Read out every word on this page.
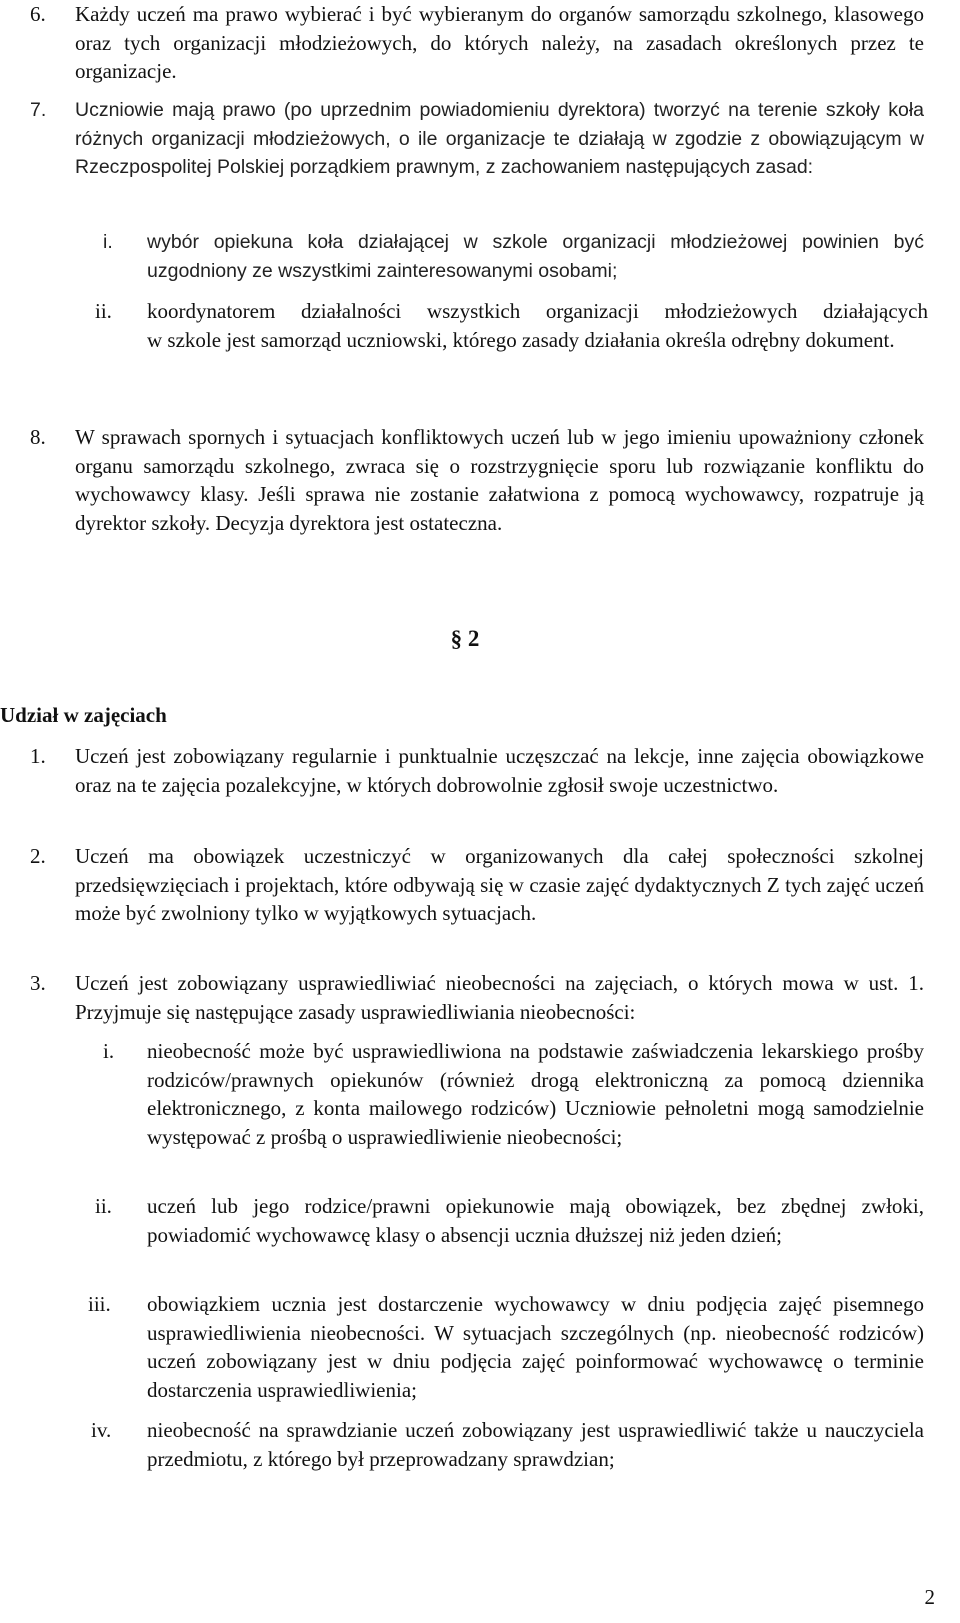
6.	Każdy uczeń ma prawo wybierać i być wybieranym do organów samorządu szkolnego, klasowego oraz tych organizacji młodzieżowych, do których należy, na zasadach określonych przez te organizacje.
7.	Uczniowie mają prawo (po uprzednim powiadomieniu dyrektora) tworzyć na terenie szkoły koła różnych organizacji młodzieżowych, o ile organizacje te działają w zgodzie z obowiązującym w Rzeczpospolitej Polskiej porządkiem prawnym, z zachowaniem następujących zasad:
i.	wybór opiekuna koła działającej w szkole organizacji młodzieżowej powinien być uzgodniony ze wszystkimi zainteresowanymi osobami;
ii.	koordynatorem działalności wszystkich organizacji młodzieżowych działających
w szkole jest samorząd uczniowski, którego zasady działania określa odrębny dokument.
8.	W sprawach spornych i sytuacjach konfliktowych uczeń lub w jego imieniu upoważniony członek organu samorządu szkolnego, zwraca się o rozstrzygnięcie sporu lub rozwiązanie konfliktu do wychowawcy klasy. Jeśli sprawa nie zostanie załatwiona z pomocą wychowawcy, rozpatruje ją dyrektor szkoły. Decyzja dyrektora jest ostateczna.
§ 2
Udział w zajęciach
1.	Uczeń jest zobowiązany regularnie i punktualnie uczęszczać na lekcje, inne zajęcia obowiązkowe oraz na te zajęcia pozalekcyjne, w których dobrowolnie zgłosił swoje uczestnictwo.
2.	Uczeń ma obowiązek uczestniczyć w organizowanych dla całej społeczności szkolnej przedsięwzięciach i projektach, które odbywają się w czasie zajęć dydaktycznych Z tych zajęć uczeń może być zwolniony tylko w wyjątkowych sytuacjach.
3.	Uczeń jest zobowiązany usprawiedliwiać nieobecności na zajęciach, o których mowa w ust. 1. Przyjmuje się następujące zasady usprawiedliwiania nieobecności:
i.	nieobecność może być usprawiedliwiona na podstawie zaświadczenia lekarskiego prośby rodziców/prawnych opiekunów (również drogą elektroniczną za pomocą dziennika elektronicznego, z konta mailowego rodziców) Uczniowie pełnoletni mogą samodzielnie występować z prośbą o usprawiedliwienie nieobecności;
ii.	uczeń lub jego rodzice/prawni opiekunowie mają obowiązek, bez zbędnej zwłoki, powiadomić wychowawcę klasy o absencji ucznia dłuższej niż jeden dzień;
iii.	obowiązkiem ucznia jest dostarczenie wychowawcy w dniu podjęcia zajęć pisemnego usprawiedliwienia nieobecności. W sytuacjach szczególnych (np. nieobecność rodziców) uczeń zobowiązany jest w dniu podjęcia zajęć poinformować wychowawcę o terminie dostarczenia usprawiedliwienia;
iv.	nieobecność na sprawdzianie uczeń zobowiązany jest usprawiedliwić także u nauczyciela przedmiotu, z którego był przeprowadzany sprawdzian;
2
